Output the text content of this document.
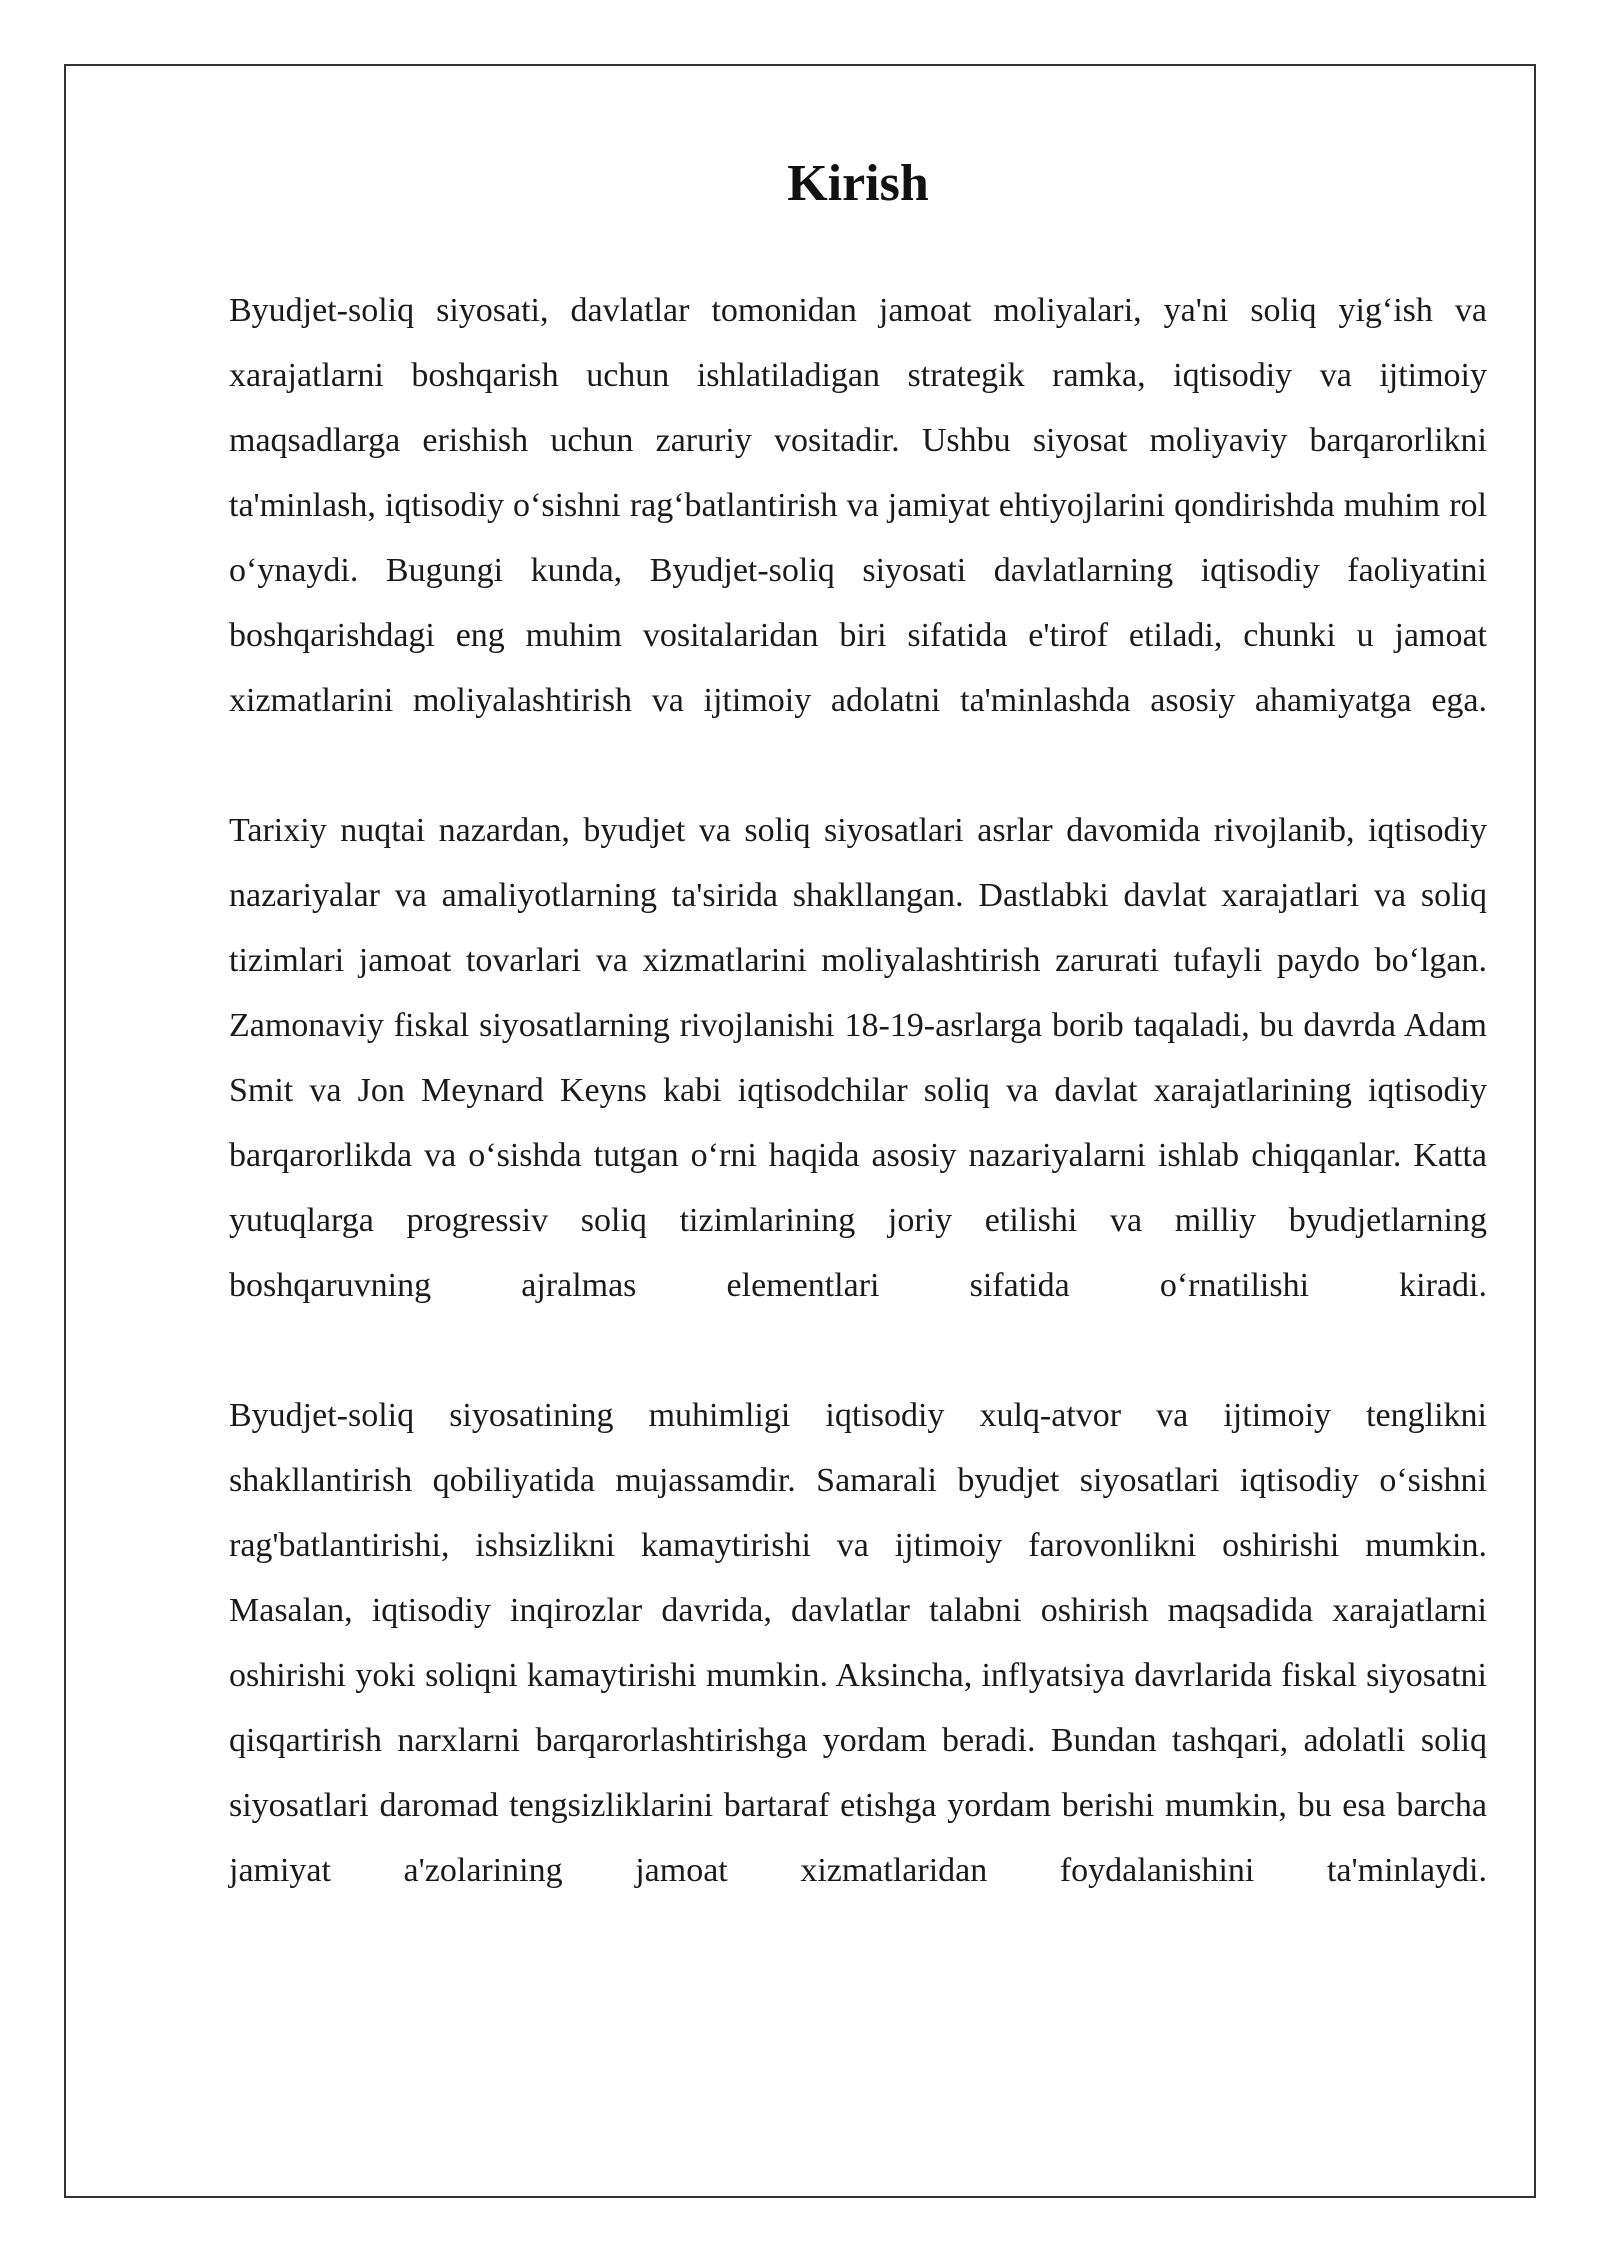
Kirish

Byudjet-soliq siyosati, davlatlar tomonidan jamoat moliyalari, ya'ni soliq yig‘ish va xarajatlarni boshqarish uchun ishlatiladigan strategik ramka, iqtisodiy va ijtimoiy maqsadlarga erishish uchun zaruriy vositadir. Ushbu siyosat moliyaviy barqarorlikni ta'minlash, iqtisodiy o‘sishni rag‘batlantirish va jamiyat ehtiyojlarini qondirishda muhim rol o‘ynaydi. Bugungi kunda, Byudjet-soliq siyosati davlatlarning iqtisodiy faoliyatini boshqarishdagi eng muhim vositalaridan biri sifatida e'tirof etiladi, chunki u jamoat xizmatlarini moliyalashtirish va ijtimoiy adolatni ta'minlashda asosiy ahamiyatga ega.

Tarixiy nuqtai nazardan, byudjet va soliq siyosatlari asrlar davomida rivojlanib, iqtisodiy nazariyalar va amaliyotlarning ta'sirida shakllangan. Dastlabki davlat xarajatlari va soliq tizimlari jamoat tovarlari va xizmatlarini moliyalashtirish zarurati tufayli paydo bo‘lgan. Zamonaviy fiskal siyosatlarning rivojlanishi 18-19-asrlarga borib taqaladi, bu davrda Adam Smit va Jon Meynard Keyns kabi iqtisodchilar soliq va davlat xarajatlarining iqtisodiy barqarorlikda va o‘sishda tutgan o‘rni haqida asosiy nazariyalarni ishlab chiqqanlar. Katta yutuqlarga progressiv soliq tizimlarining joriy etilishi va milliy byudjetlarning boshqaruvning ajralmas elementlari sifatida o‘rnatilishi kiradi.

Byudjet-soliq siyosatining muhimligi iqtisodiy xulq-atvor va ijtimoiy tenglikni shakllantirish qobiliyatida mujassamdir. Samarali byudjet siyosatlari iqtisodiy o‘sishni rag'batlantirishi, ishsizlikni kamaytirishi va ijtimoiy farovonlikni oshirishi mumkin. Masalan, iqtisodiy inqirozlar davrida, davlatlar talabni oshirish maqsadida xarajatlarni oshirishi yoki soliqni kamaytirishi mumkin. Aksincha, inflyatsiya davrlarida fiskal siyosatni qisqartirish narxlarni barqarorlashtirishga yordam beradi. Bundan tashqari, adolatli soliq siyosatlari daromad tengsizliklarini bartaraf etishga yordam berishi mumkin, bu esa barcha jamiyat a'zolarining jamoat xizmatlaridan foydalanishini ta'minlaydi.
